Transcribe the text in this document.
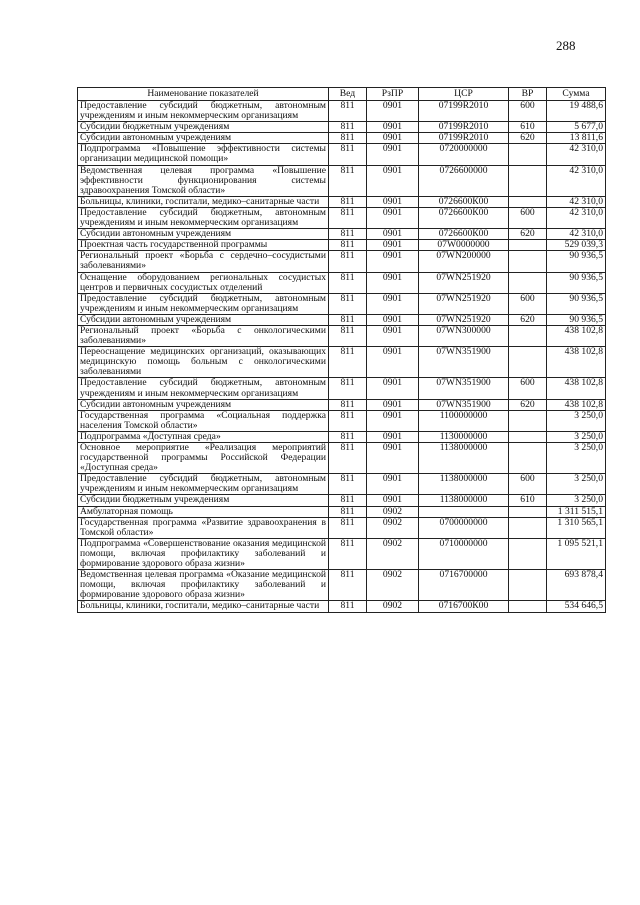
288
Наименование показателей	Вед	РзПР	ЦСР	ВР	Сумма
Предоставление субсидий бюджетным, автономным учреждениям и иным некоммерческим организациям	811	0901	07199R2010	600	19 488,6
Субсидии бюджетным учреждениям	811	0901	07199R2010	610	5 677,0
Субсидии автономным учреждениям	811	0901	07199R2010	620	13 811,6
Подпрограмма «Повышение эффективности системы организации медицинской помощи»	811	0901	0720000000		42 310,0
Ведомственная целевая программа «Повышение эффективности функционирования системы здравоохранения Томской области»	811	0901	0726600000		42 310,0
Больницы, клиники, госпитали, медико–санитарные части	811	0901	0726600К00		42 310,0
Предоставление субсидий бюджетным, автономным учреждениям и иным некоммерческим организациям	811	0901	0726600К00	600	42 310,0
Субсидии автономным учреждениям	811	0901	0726600К00	620	42 310,0
Проектная часть государственной программы	811	0901	07W0000000		529 039,3
Региональный проект «Борьба с сердечно–сосудистыми заболеваниями»	811	0901	07WN200000		90 936,5
Оснащение оборудованием региональных сосудистых центров и первичных сосудистых отделений	811	0901	07WN251920		90 936,5
Предоставление субсидий бюджетным, автономным учреждениям и иным некоммерческим организациям	811	0901	07WN251920	600	90 936,5
Субсидии автономным учреждениям	811	0901	07WN251920	620	90 936,5
Региональный проект «Борьба с онкологическими заболеваниями»	811	0901	07WN300000		438 102,8
Переоснащение медицинских организаций, оказывающих медицинскую помощь больным с онкологическими заболеваниями	811	0901	07WN351900		438 102,8
Предоставление субсидий бюджетным, автономным учреждениям и иным некоммерческим организациям	811	0901	07WN351900	600	438 102,8
Субсидии автономным учреждениям	811	0901	07WN351900	620	438 102,8
Государственная программа «Социальная поддержка населения Томской области»	811	0901	1100000000		3 250,0
Подпрограмма «Доступная среда»	811	0901	1130000000		3 250,0
Основное мероприятие «Реализация мероприятий государственной программы Российской Федерации «Доступная среда»	811	0901	1138000000		3 250,0
Предоставление субсидий бюджетным, автономным учреждениям и иным некоммерческим организациям	811	0901	1138000000	600	3 250,0
Субсидии бюджетным учреждениям	811	0901	1138000000	610	3 250,0
Амбулаторная помощь	811	0902			1 311 515,1
Государственная программа «Развитие здравоохранения в Томской области»	811	0902	0700000000		1 310 565,1
Подпрограмма «Совершенствование оказания медицинской помощи, включая профилактику заболеваний и формирование здорового образа жизни»	811	0902	0710000000		1 095 521,1
Ведомственная целевая программа «Оказание медицинской помощи, включая профилактику заболеваний и формирование здорового образа жизни»	811	0902	0716700000		693 878,4
Больницы, клиники, госпитали, медико–санитарные части	811	0902	0716700К00		534 646,5
